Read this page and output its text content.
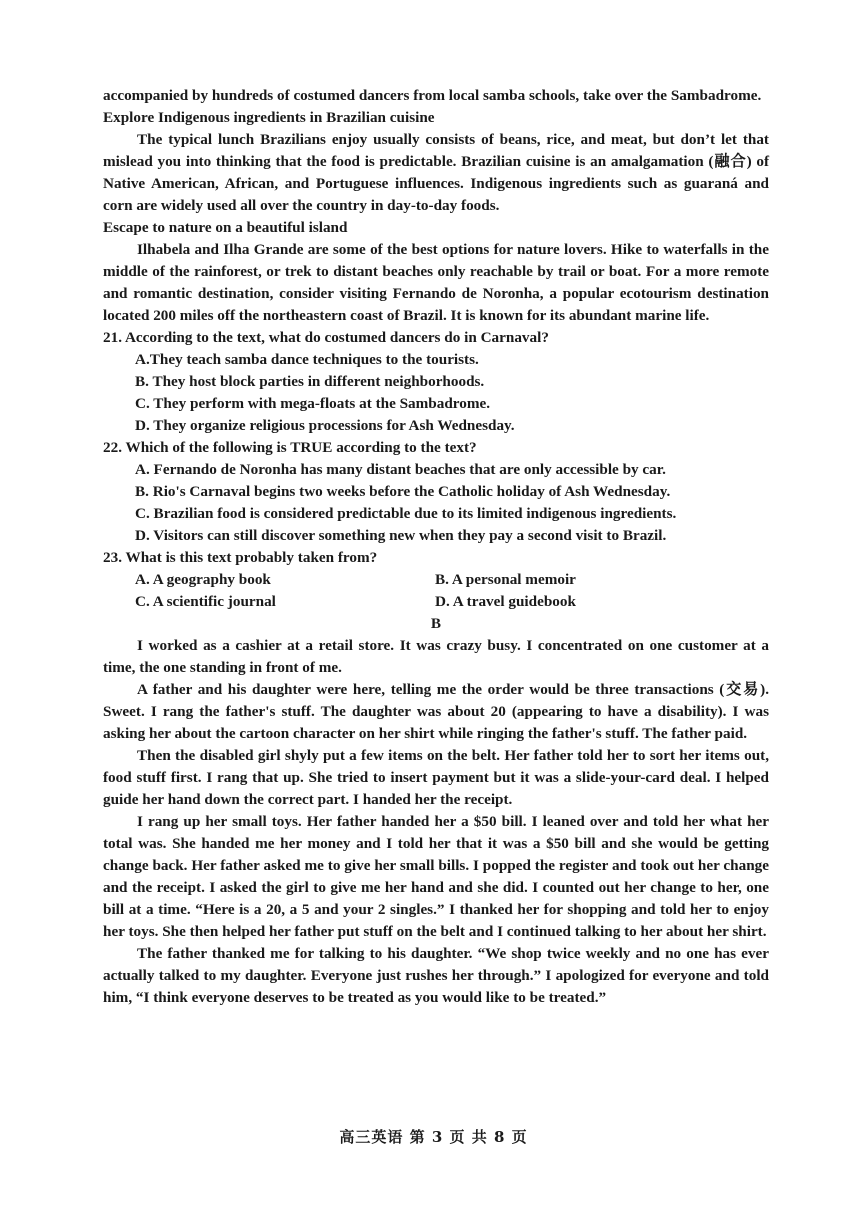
accompanied by hundreds of costumed dancers from local samba schools, take over the Sambadrome.

Explore Indigenous ingredients in Brazilian cuisine

The typical lunch Brazilians enjoy usually consists of beans, rice, and meat, but don’t let that mislead you into thinking that the food is predictable. Brazilian cuisine is an amalgamation (融合) of Native American, African, and Portuguese influences. Indigenous ingredients such as guaraná and corn are widely used all over the country in day-to-day foods.

Escape to nature on a beautiful island

Ilhabela and Ilha Grande are some of the best options for nature lovers. Hike to waterfalls in the middle of the rainforest, or trek to distant beaches only reachable by trail or boat. For a more remote and romantic destination, consider visiting Fernando de Noronha, a popular ecotourism destination located 200 miles off the northeastern coast of Brazil. It is known for its abundant marine life.

21. According to the text, what do costumed dancers do in Carnaval?

A.They teach samba dance techniques to the tourists.

B. They host block parties in different neighborhoods.

C. They perform with mega-floats at the Sambadrome.

D. They organize religious processions for Ash Wednesday.

22. Which of the following is TRUE according to the text?

A. Fernando de Noronha has many distant beaches that are only accessible by car.

B. Rio's Carnaval begins two weeks before the Catholic holiday of Ash Wednesday.

C. Brazilian food is considered predictable due to its limited indigenous ingredients.

D. Visitors can still discover something new when they pay a second visit to Brazil.

23. What is this text probably taken from?

A. A geography book	B. A personal memoir
C. A scientific journal	D. A travel guidebook

B

I worked as a cashier at a retail store. It was crazy busy. I concentrated on one customer at a time, the one standing in front of me.

A father and his daughter were here, telling me the order would be three transactions (交易). Sweet. I rang the father's stuff. The daughter was about 20 (appearing to have a disability). I was asking her about the cartoon character on her shirt while ringing the father's stuff. The father paid.

Then the disabled girl shyly put a few items on the belt. Her father told her to sort her items out, food stuff first. I rang that up. She tried to insert payment but it was a slide-your-card deal. I helped guide her hand down the correct part. I handed her the receipt.

I rang up her small toys. Her father handed her a $50 bill. I leaned over and told her what her total was. She handed me her money and I told her that it was a $50 bill and she would be getting change back. Her father asked me to give her small bills. I popped the register and took out her change and the receipt. I asked the girl to give me her hand and she did. I counted out her change to her, one bill at a time. “Here is a 20, a 5 and your 2 singles.” I thanked her for shopping and told her to enjoy her toys. She then helped her father put stuff on the belt and I continued talking to her about her shirt.

The father thanked me for talking to his daughter. “We shop twice weekly and no one has ever actually talked to my daughter. Everyone just rushes her through.” I apologized for everyone and told him, “I think everyone deserves to be treated as you would like to be treated.”

高三英语 第 3 页 共 8 页
